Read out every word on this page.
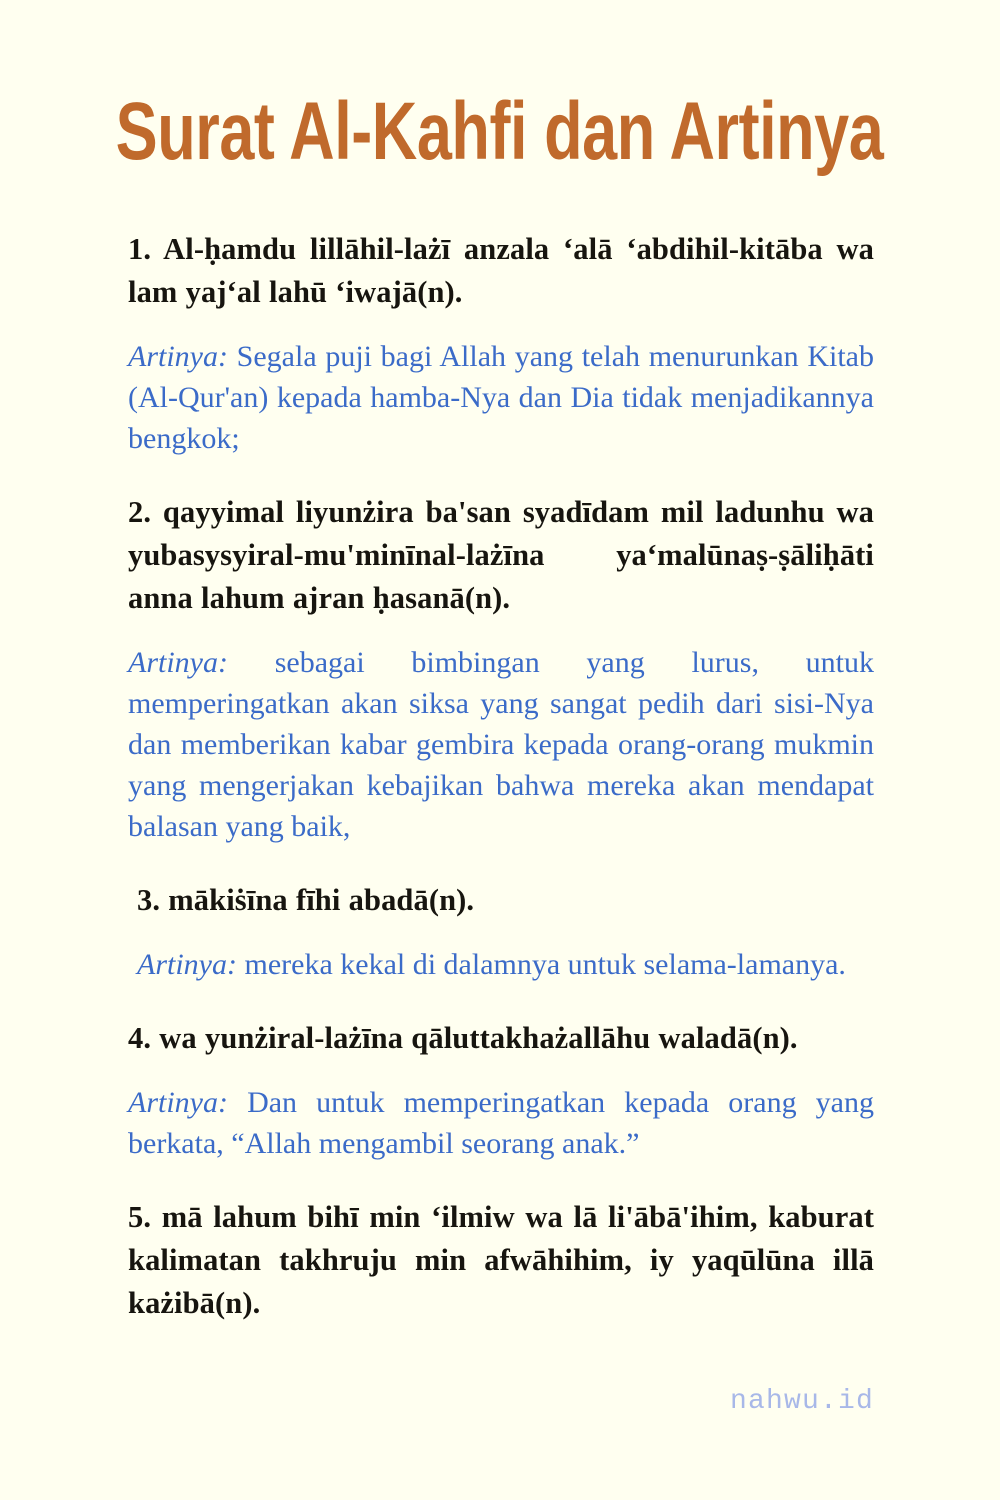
Surat Al-Kahfi dan Artinya

1. Al-ḥamdu lillāhil-lażī anzala ‘alā ‘abdihil-kitāba wa lam yaj‘al lahū ‘iwajā(n).

Artinya: Segala puji bagi Allah yang telah menurunkan Kitab (Al-Qur'an) kepada hamba-Nya dan Dia tidak menjadikannya bengkok;

2. qayyimal liyunżira ba'san syadīdam mil ladunhu wa yubasysyiral-mu'minīnal-lażīna ya‘malūnaṣ-ṣāliḥāti anna lahum ajran ḥasanā(n).

Artinya: sebagai bimbingan yang lurus, untuk memperingatkan akan siksa yang sangat pedih dari sisi-Nya dan memberikan kabar gembira kepada orang-orang mukmin yang mengerjakan kebajikan bahwa mereka akan mendapat balasan yang baik,

3. mākiṡīna fīhi abadā(n).

Artinya: mereka kekal di dalamnya untuk selama-lamanya.

4. wa yunżiral-lażīna qāluttakhażallāhu waladā(n).

Artinya: Dan untuk memperingatkan kepada orang yang berkata, “Allah mengambil seorang anak.”

5. mā lahum bihī min ‘ilmiw wa lā li'ābā'ihim, kaburat kalimatan takhruju min afwāhihim, iy yaqūlūna illā każibā(n).

nahwu.id
